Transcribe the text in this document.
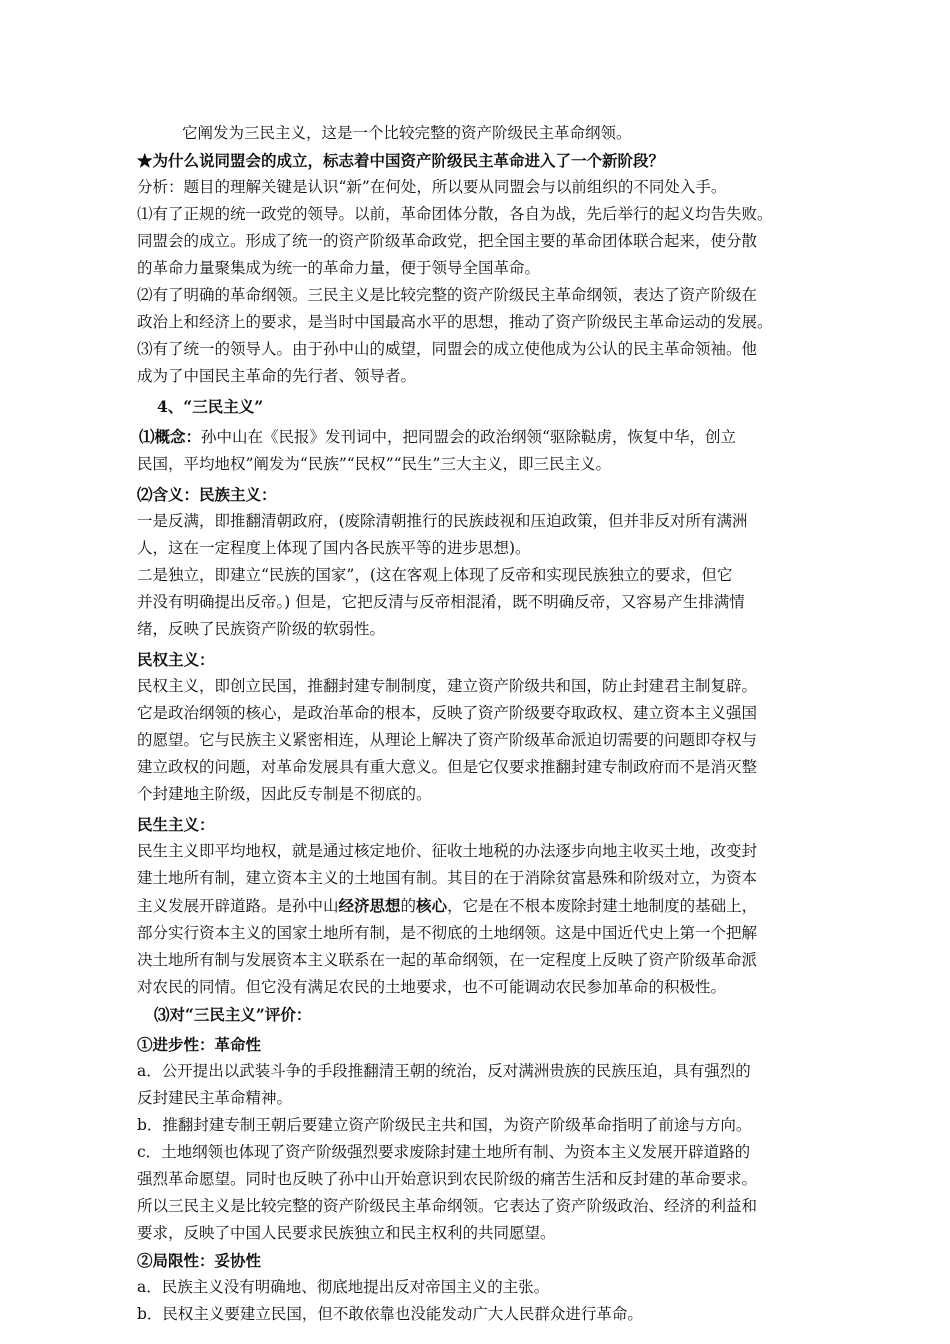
它阐发为三民主义，这是一个比较完整的资产阶级民主革命纲领。

★为什么说同盟会的成立，标志着中国资产阶级民主革命进入了一个新阶段？

分析：题目的理解关键是认识“新”在何处，所以要从同盟会与以前组织的不同处入手。

⑴有了正规的统一政党的领导。以前，革命团体分散，各自为战，先后举行的起义均告失败。

同盟会的成立。形成了统一的资产阶级革命政党，把全国主要的革命团体联合起来，使分散

的革命力量聚集成为统一的革命力量，便于领导全国革命。

⑵有了明确的革命纲领。三民主义是比较完整的资产阶级民主革命纲领，表达了资产阶级在

政治上和经济上的要求，是当时中国最高水平的思想，推动了资产阶级民主革命运动的发展。

⑶有了统一的领导人。由于孙中山的威望，同盟会的成立使他成为公认的民主革命领袖。他

成为了中国民主革命的先行者、领导者。

4、“三民主义”

⑴概念：孙中山在《民报》发刊词中，把同盟会的政治纲领“驱除鞑虏，恢复中华，创立

民国，平均地权”阐发为“民族”“民权”“民生”三大主义，即三民主义。

⑵含义：民族主义：

一是反满，即推翻清朝政府，(废除清朝推行的民族歧视和压迫政策，但并非反对所有满洲

人，这在一定程度上体现了国内各民族平等的进步思想)。

二是独立，即建立“民族的国家”，(这在客观上体现了反帝和实现民族独立的要求，但它

并没有明确提出反帝。) 但是，它把反清与反帝相混淆，既不明确反帝，又容易产生排满情

绪，反映了民族资产阶级的软弱性。

民权主义：

民权主义，即创立民国，推翻封建专制制度，建立资产阶级共和国，防止封建君主制复辟。

它是政治纲领的核心，是政治革命的根本，反映了资产阶级要夺取政权、建立资本主义强国

的愿望。它与民族主义紧密相连，从理论上解决了资产阶级革命派迫切需要的问题即夺权与

建立政权的问题，对革命发展具有重大意义。但是它仅要求推翻封建专制政府而不是消灭整

个封建地主阶级，因此反专制是不彻底的。

民生主义：

民生主义即平均地权，就是通过核定地价、征收土地税的办法逐步向地主收买土地，改变封

建土地所有制，建立资本主义的土地国有制。其目的在于消除贫富悬殊和阶级对立，为资本

主义发展开辟道路。是孙中山经济思想的核心，它是在不根本废除封建土地制度的基础上，

部分实行资本主义的国家土地所有制，是不彻底的土地纲领。这是中国近代史上第一个把解

决土地所有制与发展资本主义联系在一起的革命纲领，在一定程度上反映了资产阶级革命派

对农民的同情。但它没有满足农民的土地要求，也不可能调动农民参加革命的积极性。

⑶对“三民主义”评价：

①进步性：革命性

a．公开提出以武装斗争的手段推翻清王朝的统治，反对满洲贵族的民族压迫，具有强烈的

反封建民主革命精神。

b．推翻封建专制王朝后要建立资产阶级民主共和国，为资产阶级革命指明了前途与方向。

c．土地纲领也体现了资产阶级强烈要求废除封建土地所有制、为资本主义发展开辟道路的

强烈革命愿望。同时也反映了孙中山开始意识到农民阶级的痛苦生活和反封建的革命要求。

所以三民主义是比较完整的资产阶级民主革命纲领。它表达了资产阶级政治、经济的利益和

要求，反映了中国人民要求民族独立和民主权利的共同愿望。

②局限性：妥协性

a．民族主义没有明确地、彻底地提出反对帝国主义的主张。

b．民权主义要建立民国，但不敢依靠也没能发动广大人民群众进行革命。
